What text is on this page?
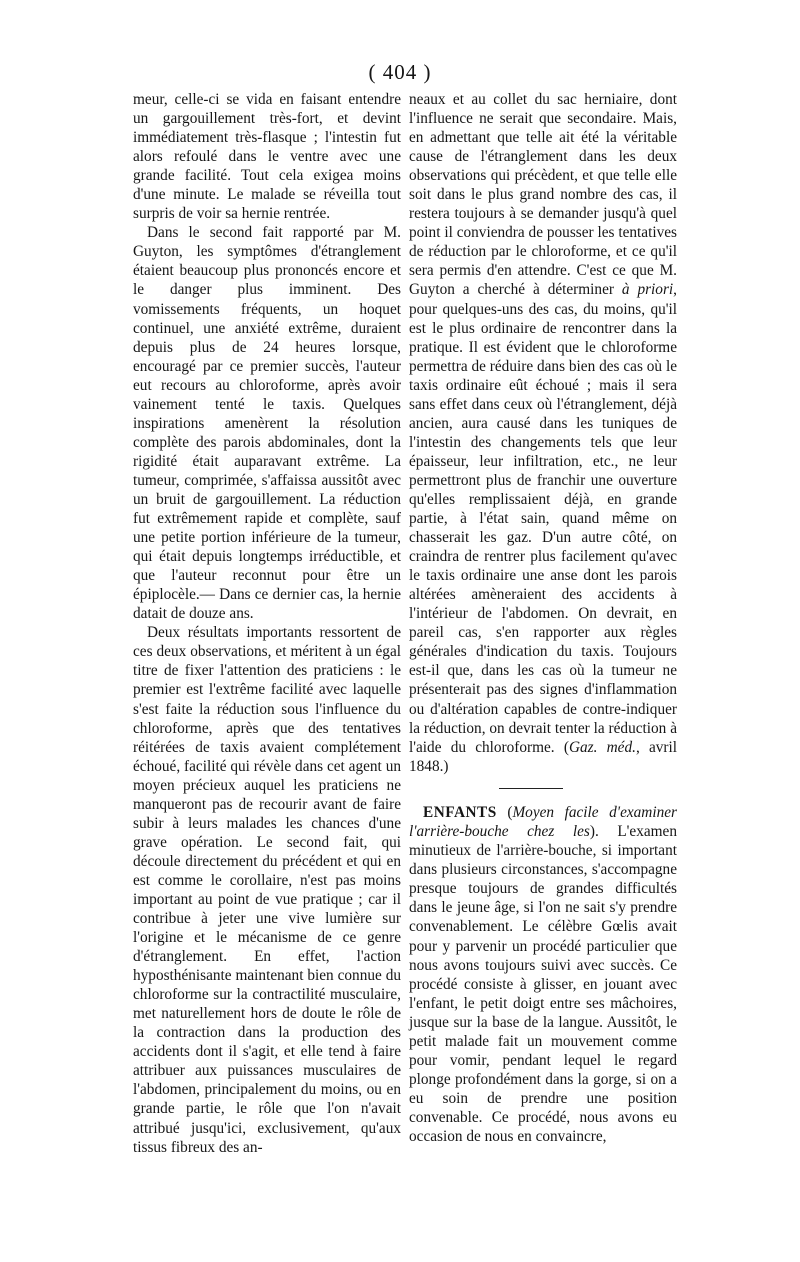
( 404 )

meur, celle-ci se vida en faisant entendre un gargouillement très-fort, et devint immédiatement très-flasque ; l'intestin fut alors refoulé dans le ventre avec une grande facilité. Tout cela exigea moins d'une minute. Le malade se réveilla tout surpris de voir sa hernie rentrée.

Dans le second fait rapporté par M. Guyton, les symptômes d'étranglement étaient beaucoup plus prononcés encore et le danger plus imminent. Des vomissements fréquents, un hoquet continuel, une anxiété extrême, duraient depuis plus de 24 heures lorsque, encouragé par ce premier succès, l'auteur eut recours au chloroforme, après avoir vainement tenté le taxis. Quelques inspirations amenèrent la résolution complète des parois abdominales, dont la rigidité était auparavant extrême. La tumeur, comprimée, s'affaissa aussitôt avec un bruit de gargouillement. La réduction fut extrêmement rapide et complète, sauf une petite portion inférieure de la tumeur, qui était depuis longtemps irréductible, et que l'auteur reconnut pour être un épiplocèle.— Dans ce dernier cas, la hernie datait de douze ans.

Deux résultats importants ressortent de ces deux observations, et méritent à un égal titre de fixer l'attention des praticiens : le premier est l'extrême facilité avec laquelle s'est faite la réduction sous l'influence du chloroforme, après que des tentatives réitérées de taxis avaient complétement échoué, facilité qui révèle dans cet agent un moyen précieux auquel les praticiens ne manqueront pas de recourir avant de faire subir à leurs malades les chances d'une grave opération. Le second fait, qui découle directement du précédent et qui en est comme le corollaire, n'est pas moins important au point de vue pratique ; car il contribue à jeter une vive lumière sur l'origine et le mécanisme de ce genre d'étranglement. En effet, l'action hyposthénisante maintenant bien connue du chloroforme sur la contractilité musculaire, met naturellement hors de doute le rôle de la contraction dans la production des accidents dont il s'agit, et elle tend à faire attribuer aux puissances musculaires de l'abdomen, principalement du moins, ou en grande partie, le rôle que l'on n'avait attribué jusqu'ici, exclusivement, qu'aux tissus fibreux des an-

neaux et au collet du sac herniaire, dont l'influence ne serait que secondaire. Mais, en admettant que telle ait été la véritable cause de l'étranglement dans les deux observations qui précèdent, et que telle elle soit dans le plus grand nombre des cas, il restera toujours à se demander jusqu'à quel point il conviendra de pousser les tentatives de réduction par le chloroforme, et ce qu'il sera permis d'en attendre. C'est ce que M. Guyton a cherché à déterminer à priori, pour quelques-uns des cas, du moins, qu'il est le plus ordinaire de rencontrer dans la pratique. Il est évident que le chloroforme permettra de réduire dans bien des cas où le taxis ordinaire eût échoué ; mais il sera sans effet dans ceux où l'étranglement, déjà ancien, aura causé dans les tuniques de l'intestin des changements tels que leur épaisseur, leur infiltration, etc., ne leur permettront plus de franchir une ouverture qu'elles remplissaient déjà, en grande partie, à l'état sain, quand même on chasserait les gaz. D'un autre côté, on craindra de rentrer plus facilement qu'avec le taxis ordinaire une anse dont les parois altérées amèneraient des accidents à l'intérieur de l'abdomen. On devrait, en pareil cas, s'en rapporter aux règles générales d'indication du taxis. Toujours est-il que, dans les cas où la tumeur ne présenterait pas des signes d'inflammation ou d'altération capables de contre-indiquer la réduction, on devrait tenter la réduction à l'aide du chloroforme. (Gaz. méd., avril 1848.)

ENFANTS (Moyen facile d'examiner l'arrière-bouche chez les). L'examen minutieux de l'arrière-bouche, si important dans plusieurs circonstances, s'accompagne presque toujours de grandes difficultés dans le jeune âge, si l'on ne sait s'y prendre convenablement. Le célèbre Gœlis avait pour y parvenir un procédé particulier que nous avons toujours suivi avec succès. Ce procédé consiste à glisser, en jouant avec l'enfant, le petit doigt entre ses mâchoires, jusque sur la base de la langue. Aussitôt, le petit malade fait un mouvement comme pour vomir, pendant lequel le regard plonge profondément dans la gorge, si on a eu soin de prendre une position convenable. Ce procédé, nous avons eu occasion de nous en convaincre,
